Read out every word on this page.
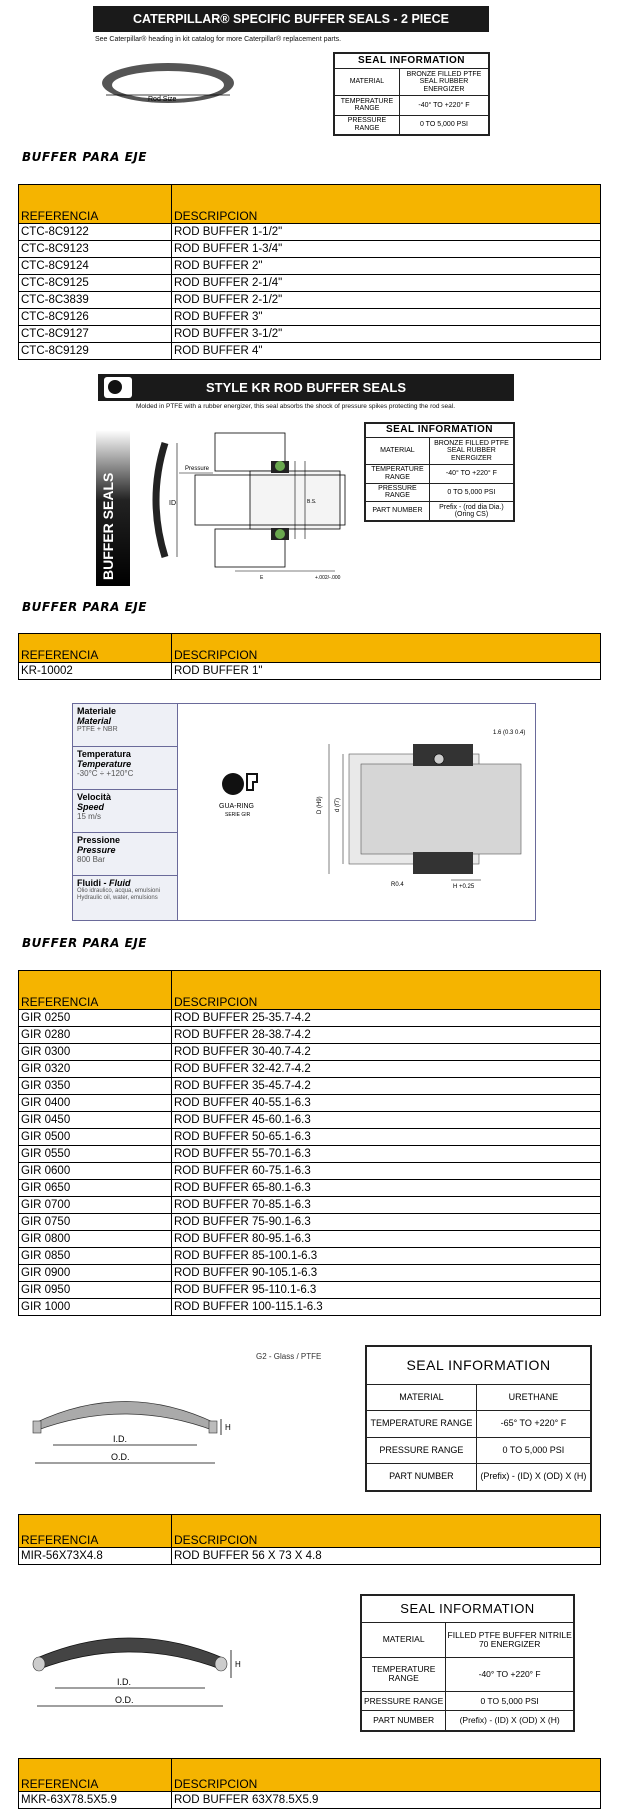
CATERPILLAR® SPECIFIC BUFFER SEALS - 2 PIECE
See Caterpillar® heading in kit catalog for more Caterpillar® replacement parts.
Rod Size
SEAL INFORMATION	
MATERIAL	BRONZE FILLED PTFE SEAL RUBBER ENERGIZER
TEMPERATURE RANGE	-40° TO +220° F
PRESSURE RANGE	0 TO 5,000 PSI
BUFFER PARA EJE
REFERENCIA	DESCRIPCION
CTC-8C9122	ROD BUFFER 1-1/2"
CTC-8C9123	ROD BUFFER 1-3/4"
CTC-8C9124	ROD BUFFER 2"
CTC-8C9125	ROD BUFFER 2-1/4"
CTC-8C3839	ROD BUFFER 2-1/2"
CTC-8C9126	ROD BUFFER 3"
CTC-8C9127	ROD BUFFER 3-1/2"
CTC-8C9129	ROD BUFFER 4"
STYLE KR ROD BUFFER SEALS
Molded in PTFE with a rubber energizer, this seal absorbs the shock of pressure spikes protecting the rod seal.
BUFFER SEALS	ID
Pressure
B.S.
E	+.002/-.000
SEAL INFORMATION	
MATERIAL	BRONZE FILLED PTFE SEAL RUBBER ENERGIZER
TEMPERATURE RANGE	-40° TO +220° F
PRESSURE RANGE	0 TO 5,000 PSI
PART NUMBER	Prefix - (rod dia Dia.) (Oring CS)
BUFFER PARA EJE
REFERENCIA	DESCRIPCION
KR-10002	ROD BUFFER 1"
Materiale
Material
PTFE + NBR
Temperatura
Temperature
-30°C ÷ +120°C
Velocità
Speed
15 m/s
Pressione
Pressure
800 Bar
Fluidi - Fluid
Olio idraulico, acqua, emulsioni Hydraulic oil, water, emulsions
GUA-RING
SERIE GIR
D (H9) d (f7)
H +0.25
R0.4
1.6 (0.3 0.4)
BUFFER PARA EJE
REFERENCIA	DESCRIPCION
GIR 0250	ROD BUFFER 25-35.7-4.2
GIR 0280	ROD BUFFER 28-38.7-4.2
GIR 0300	ROD BUFFER 30-40.7-4.2
GIR 0320	ROD BUFFER 32-42.7-4.2
GIR 0350	ROD BUFFER 35-45.7-4.2
GIR 0400	ROD BUFFER 40-55.1-6.3
GIR 0450	ROD BUFFER 45-60.1-6.3
GIR 0500	ROD BUFFER 50-65.1-6.3
GIR 0550	ROD BUFFER 55-70.1-6.3
GIR 0600	ROD BUFFER 60-75.1-6.3
GIR 0650	ROD BUFFER 65-80.1-6.3
GIR 0700	ROD BUFFER 70-85.1-6.3
GIR 0750	ROD BUFFER 75-90.1-6.3
GIR 0800	ROD BUFFER 80-95.1-6.3
GIR 0850	ROD BUFFER 85-100.1-6.3
GIR 0900	ROD BUFFER 90-105.1-6.3
GIR 0950	ROD BUFFER 95-110.1-6.3
GIR 1000	ROD BUFFER 100-115.1-6.3
G2 - Glass / PTFE
H
I.D.
O.D.
SEAL INFORMATION	
MATERIAL	URETHANE
TEMPERATURE RANGE	-65° TO +220° F
PRESSURE RANGE	0 TO 5,000 PSI
PART NUMBER	(Prefix) - (ID) X (OD) X (H)
REFERENCIA	DESCRIPCION
MIR-56X73X4.8	ROD BUFFER 56 X 73 X 4.8
H
I.D.
O.D.
SEAL INFORMATION	
MATERIAL	FILLED PTFE BUFFER NITRILE 70 ENERGIZER
TEMPERATURE RANGE	-40° TO +220° F
PRESSURE RANGE	0 TO 5,000 PSI
PART NUMBER	(Prefix) - (ID) X (OD) X (H)
REFERENCIA	DESCRIPCION
MKR-63X78.5X5.9	ROD BUFFER 63X78.5X5.9
